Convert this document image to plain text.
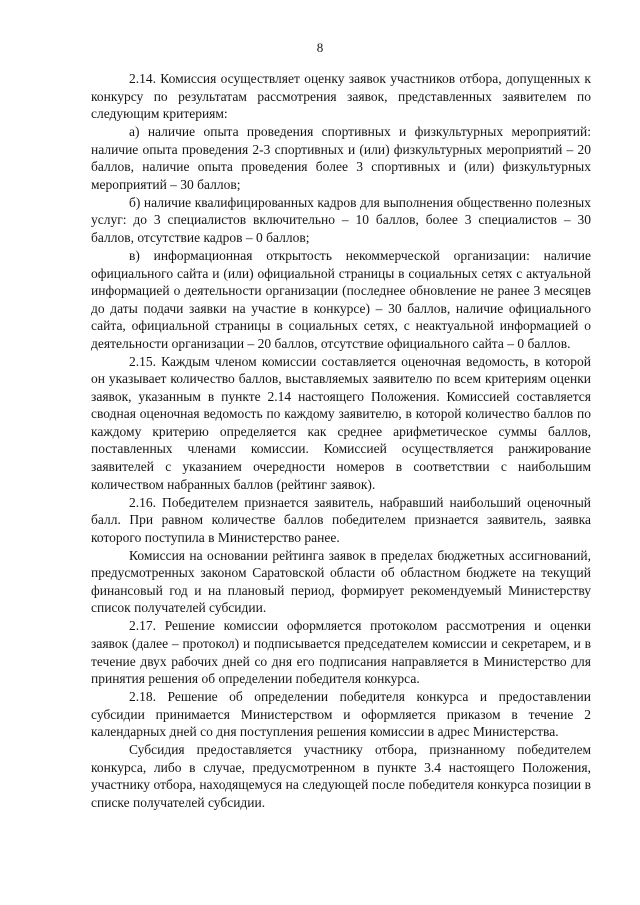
8

2.14. Комиссия осуществляет оценку заявок участников отбора, допущенных к конкурсу по результатам рассмотрения заявок, представленных заявителем по следующим критериям:

а) наличие опыта проведения спортивных и физкультурных мероприятий: наличие опыта проведения 2-3 спортивных и (или) физкультурных мероприятий – 20 баллов, наличие опыта проведения более 3 спортивных и (или) физкультурных мероприятий – 30 баллов;

б) наличие квалифицированных кадров для выполнения общественно полезных услуг: до 3 специалистов включительно – 10 баллов, более 3 специалистов – 30 баллов, отсутствие кадров – 0 баллов;

в) информационная открытость некоммерческой организации: наличие официального сайта и (или) официальной страницы в социальных сетях с актуальной информацией о деятельности организации (последнее обновление не ранее 3 месяцев до даты подачи заявки на участие в конкурсе) – 30 баллов, наличие официального сайта, официальной страницы в социальных сетях, с неактуальной информацией о деятельности организации – 20 баллов, отсутствие официального сайта – 0 баллов.

2.15. Каждым членом комиссии составляется оценочная ведомость, в которой он указывает количество баллов, выставляемых заявителю по всем критериям оценки заявок, указанным в пункте 2.14 настоящего Положения. Комиссией составляется сводная оценочная ведомость по каждому заявителю, в которой количество баллов по каждому критерию определяется как среднее арифметическое суммы баллов, поставленных членами комиссии. Комиссией осуществляется ранжирование заявителей с указанием очередности номеров в соответствии с наибольшим количеством набранных баллов (рейтинг заявок).

2.16. Победителем признается заявитель, набравший наибольший оценочный балл. При равном количестве баллов победителем признается заявитель, заявка которого поступила в Министерство ранее.

Комиссия на основании рейтинга заявок в пределах бюджетных ассигнований, предусмотренных законом Саратовской области об областном бюджете на текущий финансовый год и на плановый период, формирует рекомендуемый Министерству список получателей субсидии.

2.17. Решение комиссии оформляется протоколом рассмотрения и оценки заявок (далее – протокол) и подписывается председателем комиссии и секретарем, и в течение двух рабочих дней со дня его подписания направляется в Министерство для принятия решения об определении победителя конкурса.

2.18. Решение об определении победителя конкурса и предоставлении субсидии принимается Министерством и оформляется приказом в течение 2 календарных дней со дня поступления решения комиссии в адрес Министерства.

Субсидия предоставляется участнику отбора, признанному победителем конкурса, либо в случае, предусмотренном в пункте 3.4 настоящего Положения, участнику отбора, находящемуся на следующей после победителя конкурса позиции в списке получателей субсидии.
